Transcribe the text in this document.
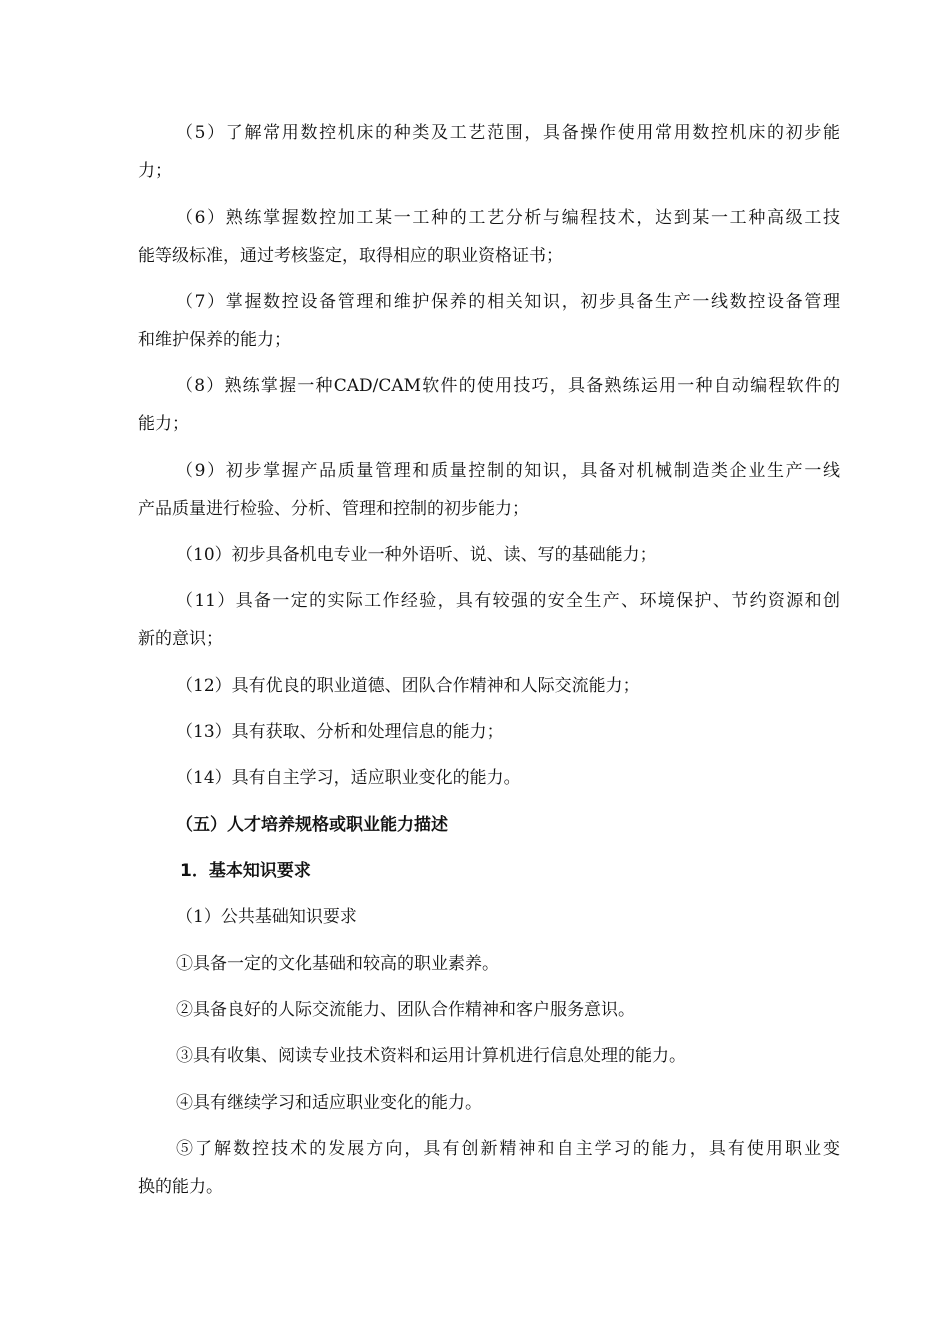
（5）了解常用数控机床的种类及工艺范围，具备操作使用常用数控机床的初步能
力；
（6）熟练掌握数控加工某一工种的工艺分析与编程技术，达到某一工种高级工技
能等级标准，通过考核鉴定，取得相应的职业资格证书；
（7）掌握数控设备管理和维护保养的相关知识，初步具备生产一线数控设备管理
和维护保养的能力；
（8）熟练掌握一种CAD/CAM软件的使用技巧，具备熟练运用一种自动编程软件的
能力；
（9）初步掌握产品质量管理和质量控制的知识，具备对机械制造类企业生产一线
产品质量进行检验、分析、管理和控制的初步能力；
（10）初步具备机电专业一种外语听、说、读、写的基础能力；
（11）具备一定的实际工作经验，具有较强的安全生产、环境保护、节约资源和创
新的意识；
（12）具有优良的职业道德、团队合作精神和人际交流能力；
（13）具有获取、分析和处理信息的能力；
（14）具有自主学习，适应职业变化的能力。
（五）人才培养规格或职业能力描述
1．基本知识要求
（1）公共基础知识要求
①具备一定的文化基础和较高的职业素养。
②具备良好的人际交流能力、团队合作精神和客户服务意识。
③具有收集、阅读专业技术资料和运用计算机进行信息处理的能力。
④具有继续学习和适应职业变化的能力。
⑤了解数控技术的发展方向，具有创新精神和自主学习的能力，具有使用职业变
换的能力。
